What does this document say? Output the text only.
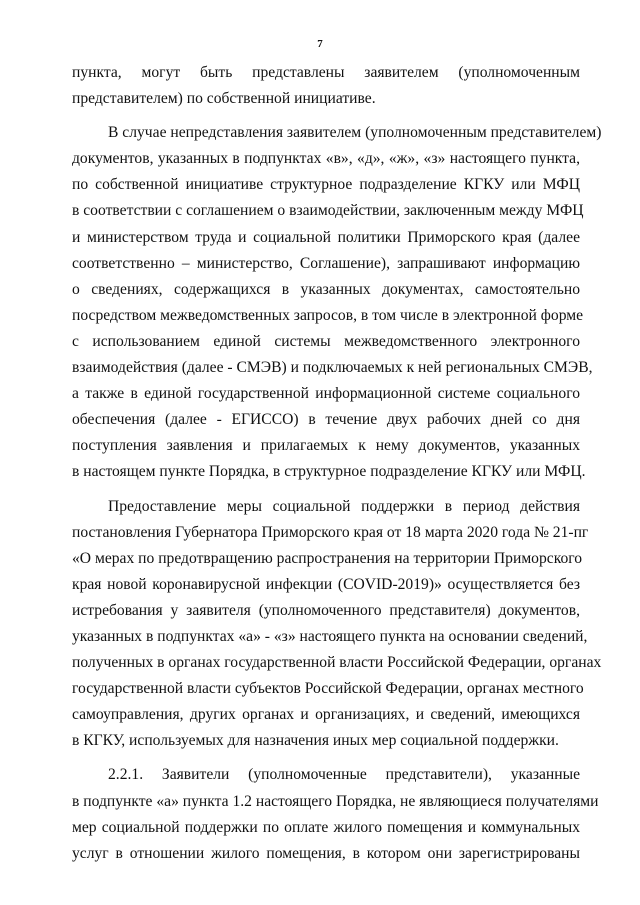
7

пункта, могут быть представлены заявителем (уполномоченным
представителем) по собственной инициативе.

В случае непредставления заявителем (уполномоченным представителем)
документов, указанных в подпунктах «в», «д», «ж», «з» настоящего пункта,
по собственной инициативе структурное подразделение КГКУ или МФЦ
в соответствии с соглашением о взаимодействии, заключенным между МФЦ
и министерством труда и социальной политики Приморского края (далее
соответственно – министерство, Соглашение), запрашивают информацию
о сведениях, содержащихся в указанных документах, самостоятельно
посредством межведомственных запросов, в том числе в электронной форме
с использованием единой системы межведомственного электронного
взаимодействия (далее - СМЭВ) и подключаемых к ней региональных СМЭВ,
а также в единой государственной информационной системе социального
обеспечения (далее - ЕГИССО) в течение двух рабочих дней со дня
поступления заявления и прилагаемых к нему документов, указанных
в настоящем пункте Порядка, в структурное подразделение КГКУ или МФЦ.

Предоставление меры социальной поддержки в период действия
постановления Губернатора Приморского края от 18 марта 2020 года № 21-пг
«О мерах по предотвращению распространения на территории Приморского
края новой коронавирусной инфекции (COVID-2019)» осуществляется без
истребования у заявителя (уполномоченного представителя) документов,
указанных в подпунктах «а» - «з» настоящего пункта на основании сведений,
полученных в органах государственной власти Российской Федерации, органах
государственной власти субъектов Российской Федерации, органах местного
самоуправления, других органах и организациях, и сведений, имеющихся
в КГКУ, используемых для назначения иных мер социальной поддержки.

2.2.1. Заявители (уполномоченные представители), указанные
в подпункте «а» пункта 1.2 настоящего Порядка, не являющиеся получателями
мер социальной поддержки по оплате жилого помещения и коммунальных
услуг в отношении жилого помещения, в котором они зарегистрированы
